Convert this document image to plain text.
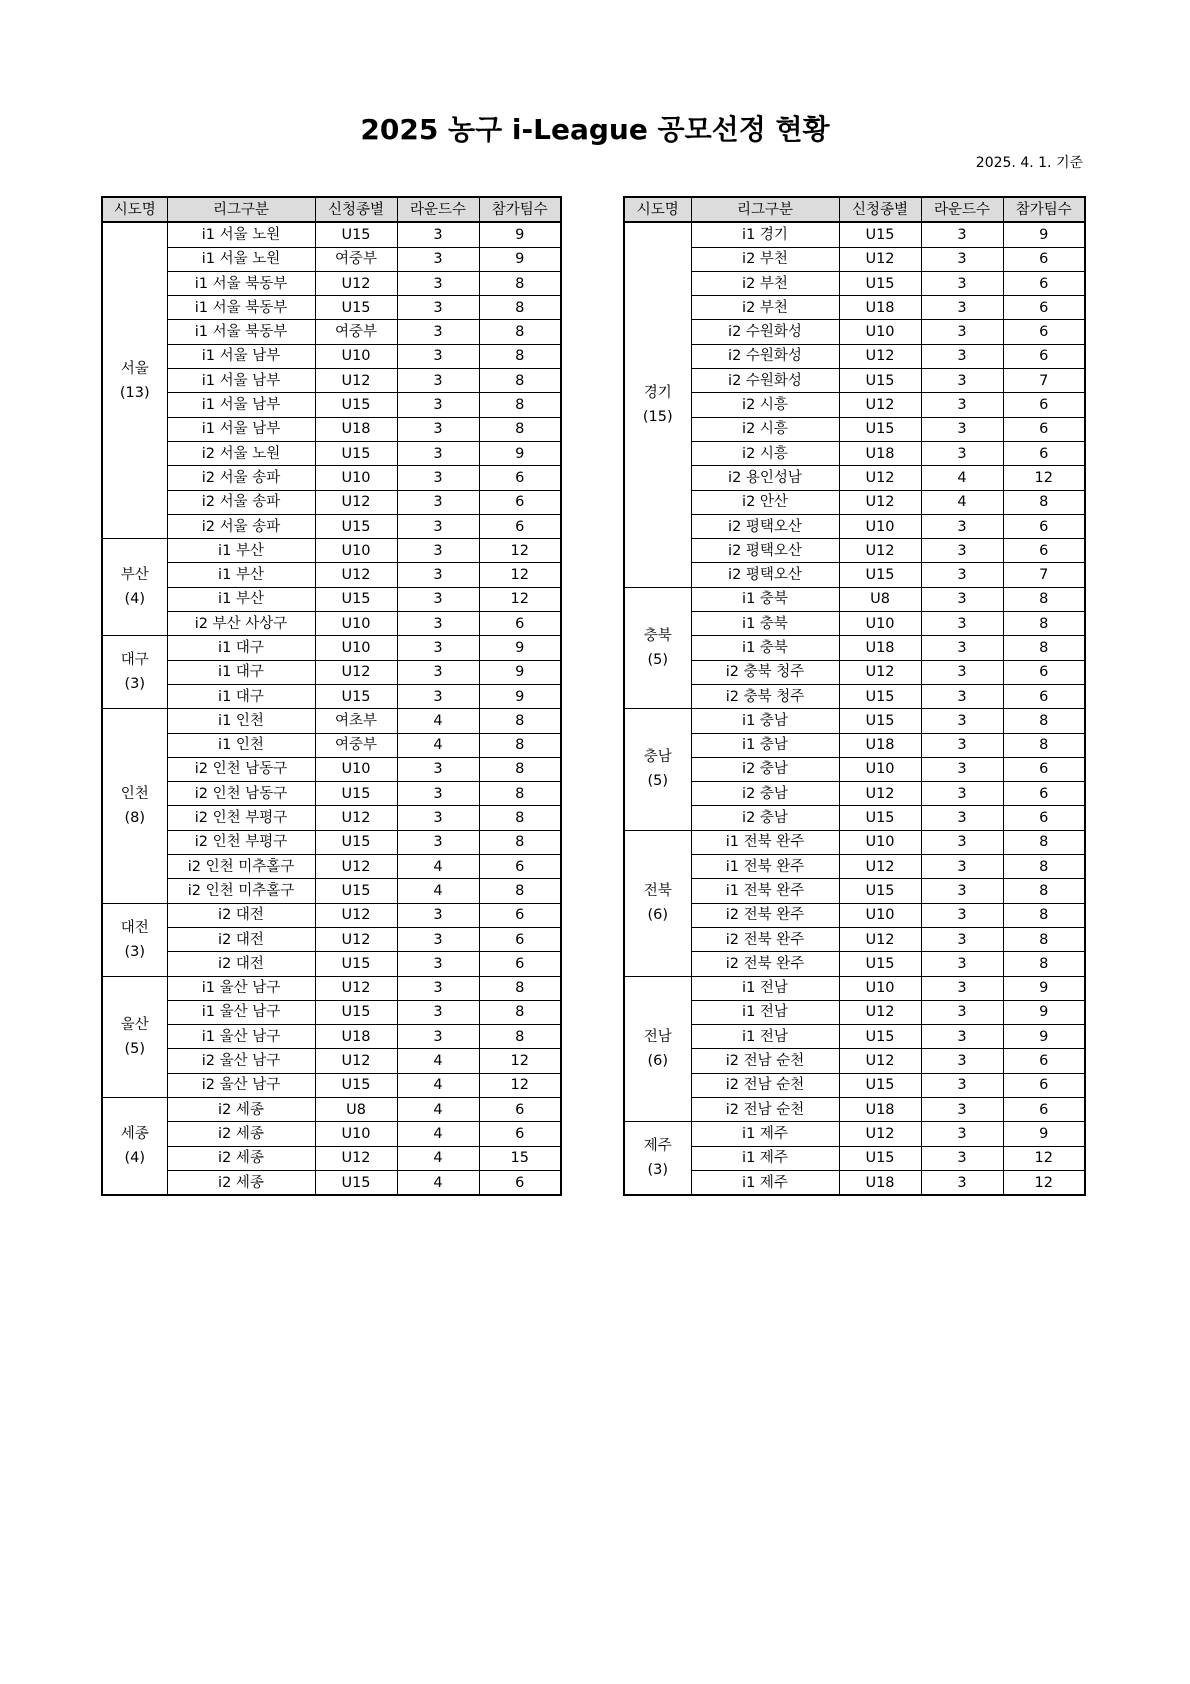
2025 농구 i-League 공모선정 현황
2025. 4. 1. 기준
시도명	리그구분	신청종별	라운드수	참가팀수

서울
(13)	i1 서울 노원	U15	3	9
	i1 서울 노원	여중부	3	9
	i1 서울 북동부	U12	3	8
	i1 서울 북동부	U15	3	8
	i1 서울 북동부	여중부	3	8
	i1 서울 남부	U10	3	8
	i1 서울 남부	U12	3	8
	i1 서울 남부	U15	3	8
	i1 서울 남부	U18	3	8
	i2 서울 노원	U15	3	9
	i2 서울 송파	U10	3	6
	i2 서울 송파	U12	3	6
	i2 서울 송파	U15	3	6

부산
(4)	i1 부산	U10	3	12
	i1 부산	U12	3	12
	i1 부산	U15	3	12
	i2 부산 사상구	U10	3	6

대구
(3)	i1 대구	U10	3	9
	i1 대구	U12	3	9
	i1 대구	U15	3	9

인천
(8)	i1 인천	여초부	4	8
	i1 인천	여중부	4	8
	i2 인천 남동구	U10	3	8
	i2 인천 남동구	U15	3	8
	i2 인천 부평구	U12	3	8
	i2 인천 부평구	U15	3	8
	i2 인천 미추홀구	U12	4	6
	i2 인천 미추홀구	U15	4	8

대전
(3)	i2 대전	U12	3	6
	i2 대전	U12	3	6
	i2 대전	U15	3	6

울산
(5)	i1 울산 남구	U12	3	8
	i1 울산 남구	U15	3	8
	i1 울산 남구	U18	3	8
	i2 울산 남구	U12	4	12
	i2 울산 남구	U15	4	12

세종
(4)	i2 세종	U8	4	6
	i2 세종	U10	4	6
	i2 세종	U12	4	15
	i2 세종	U15	4	6
시도명	리그구분	신청종별	라운드수	참가팀수

경기
(15)	i1 경기	U15	3	9
	i2 부천	U12	3	6
	i2 부천	U15	3	6
	i2 부천	U18	3	6
	i2 수원화성	U10	3	6
	i2 수원화성	U12	3	6
	i2 수원화성	U15	3	7
	i2 시흥	U12	3	6
	i2 시흥	U15	3	6
	i2 시흥	U18	3	6
	i2 용인성남	U12	4	12
	i2 안산	U12	4	8
	i2 평택오산	U10	3	6
	i2 평택오산	U12	3	6
	i2 평택오산	U15	3	7

충북
(5)	i1 충북	U8	3	8
	i1 충북	U10	3	8
	i1 충북	U18	3	8
	i2 충북 청주	U12	3	6
	i2 충북 청주	U15	3	6

충남
(5)	i1 충남	U15	3	8
	i1 충남	U18	3	8
	i2 충남	U10	3	6
	i2 충남	U12	3	6
	i2 충남	U15	3	6

전북
(6)	i1 전북 완주	U10	3	8
	i1 전북 완주	U12	3	8
	i1 전북 완주	U15	3	8
	i2 전북 완주	U10	3	8
	i2 전북 완주	U12	3	8
	i2 전북 완주	U15	3	8

전남
(6)	i1 전남	U10	3	9
	i1 전남	U12	3	9
	i1 전남	U15	3	9
	i2 전남 순천	U12	3	6
	i2 전남 순천	U15	3	6
	i2 전남 순천	U18	3	6

제주
(3)	i1 제주	U12	3	9
	i1 제주	U15	3	12
	i1 제주	U18	3	12
